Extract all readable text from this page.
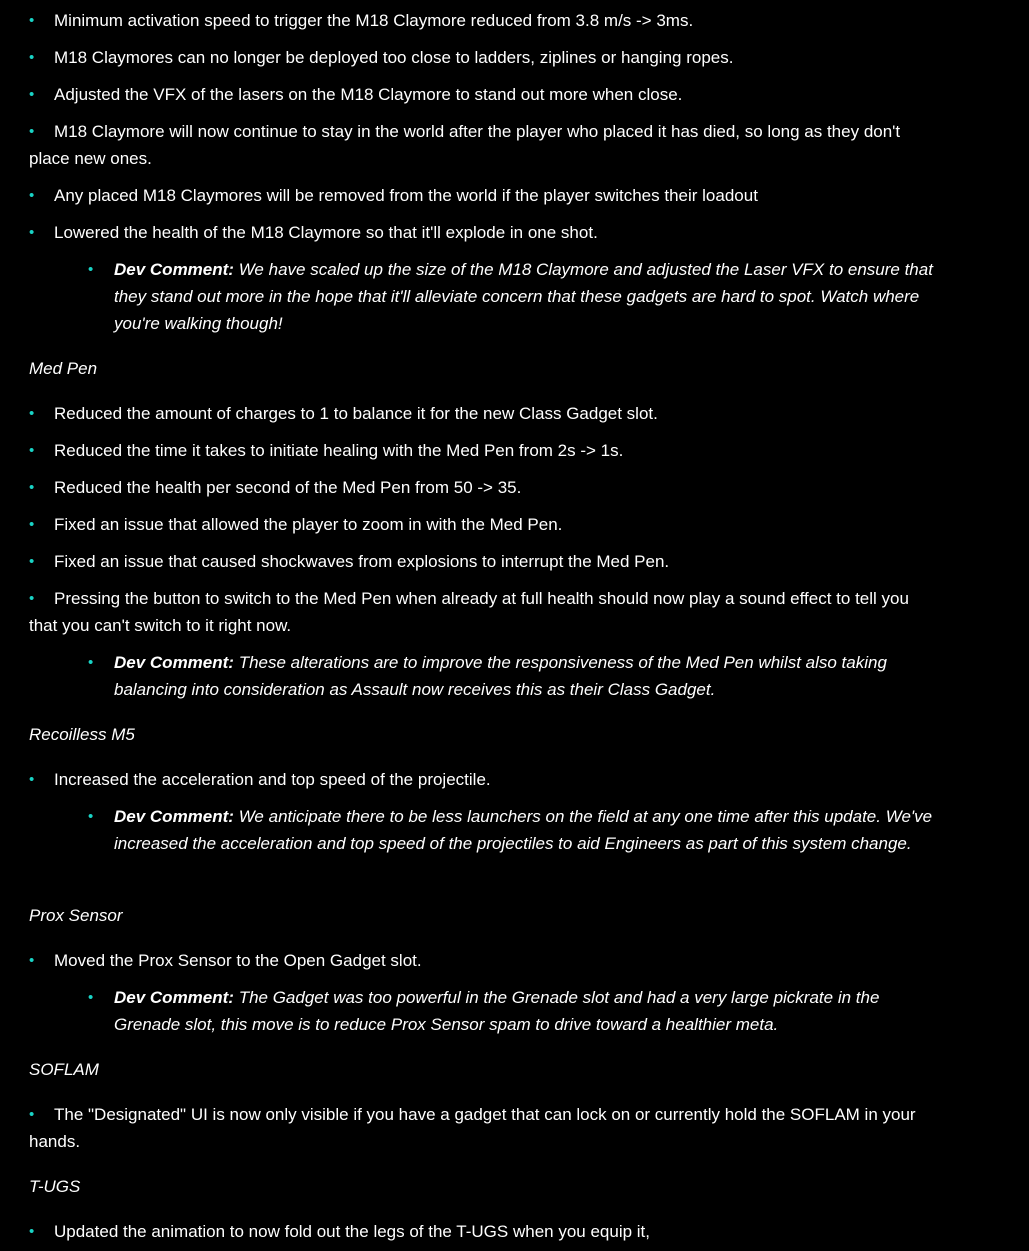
•	Minimum activation speed to trigger the M18 Claymore reduced from 3.8 m/s -> 3ms.
•	M18 Claymores can no longer be deployed too close to ladders, ziplines or hanging ropes.
•	Adjusted the VFX of the lasers on the M18 Claymore to stand out more when close.
•	M18 Claymore will now continue to stay in the world after the player who placed it has died, so long as they don't place new ones.
•	Any placed M18 Claymores will be removed from the world if the player switches their loadout
•	Lowered the health of the M18 Claymore so that it'll explode in one shot.
•	Dev Comment: We have scaled up the size of the M18 Claymore and adjusted the Laser VFX to ensure that they stand out more in the hope that it'll alleviate concern that these gadgets are hard to spot. Watch where you're walking though!
Med Pen
•	Reduced the amount of charges to 1 to balance it for the new Class Gadget slot.
•	Reduced the time it takes to initiate healing with the Med Pen from 2s -> 1s.
•	Reduced the health per second of the Med Pen from 50 -> 35.
•	Fixed an issue that allowed the player to zoom in with the Med Pen.
•	Fixed an issue that caused shockwaves from explosions to interrupt the Med Pen.
•	Pressing the button to switch to the Med Pen when already at full health should now play a sound effect to tell you that you can't switch to it right now.
•	Dev Comment: These alterations are to improve the responsiveness of the Med Pen whilst also taking balancing into consideration as Assault now receives this as their Class Gadget.
Recoilless M5
•	Increased the acceleration and top speed of the projectile.
•	Dev Comment: We anticipate there to be less launchers on the field at any one time after this update. We've increased the acceleration and top speed of the projectiles to aid Engineers as part of this system change.
Prox Sensor
•	Moved the Prox Sensor to the Open Gadget slot.
•	Dev Comment: The Gadget was too powerful in the Grenade slot and had a very large pickrate in the Grenade slot, this move is to reduce Prox Sensor spam to drive toward a healthier meta.
SOFLAM
•	The "Designated" UI is now only visible if you have a gadget that can lock on or currently hold the SOFLAM in your hands.
T-UGS
•	Updated the animation to now fold out the legs of the T-UGS when you equip it,
